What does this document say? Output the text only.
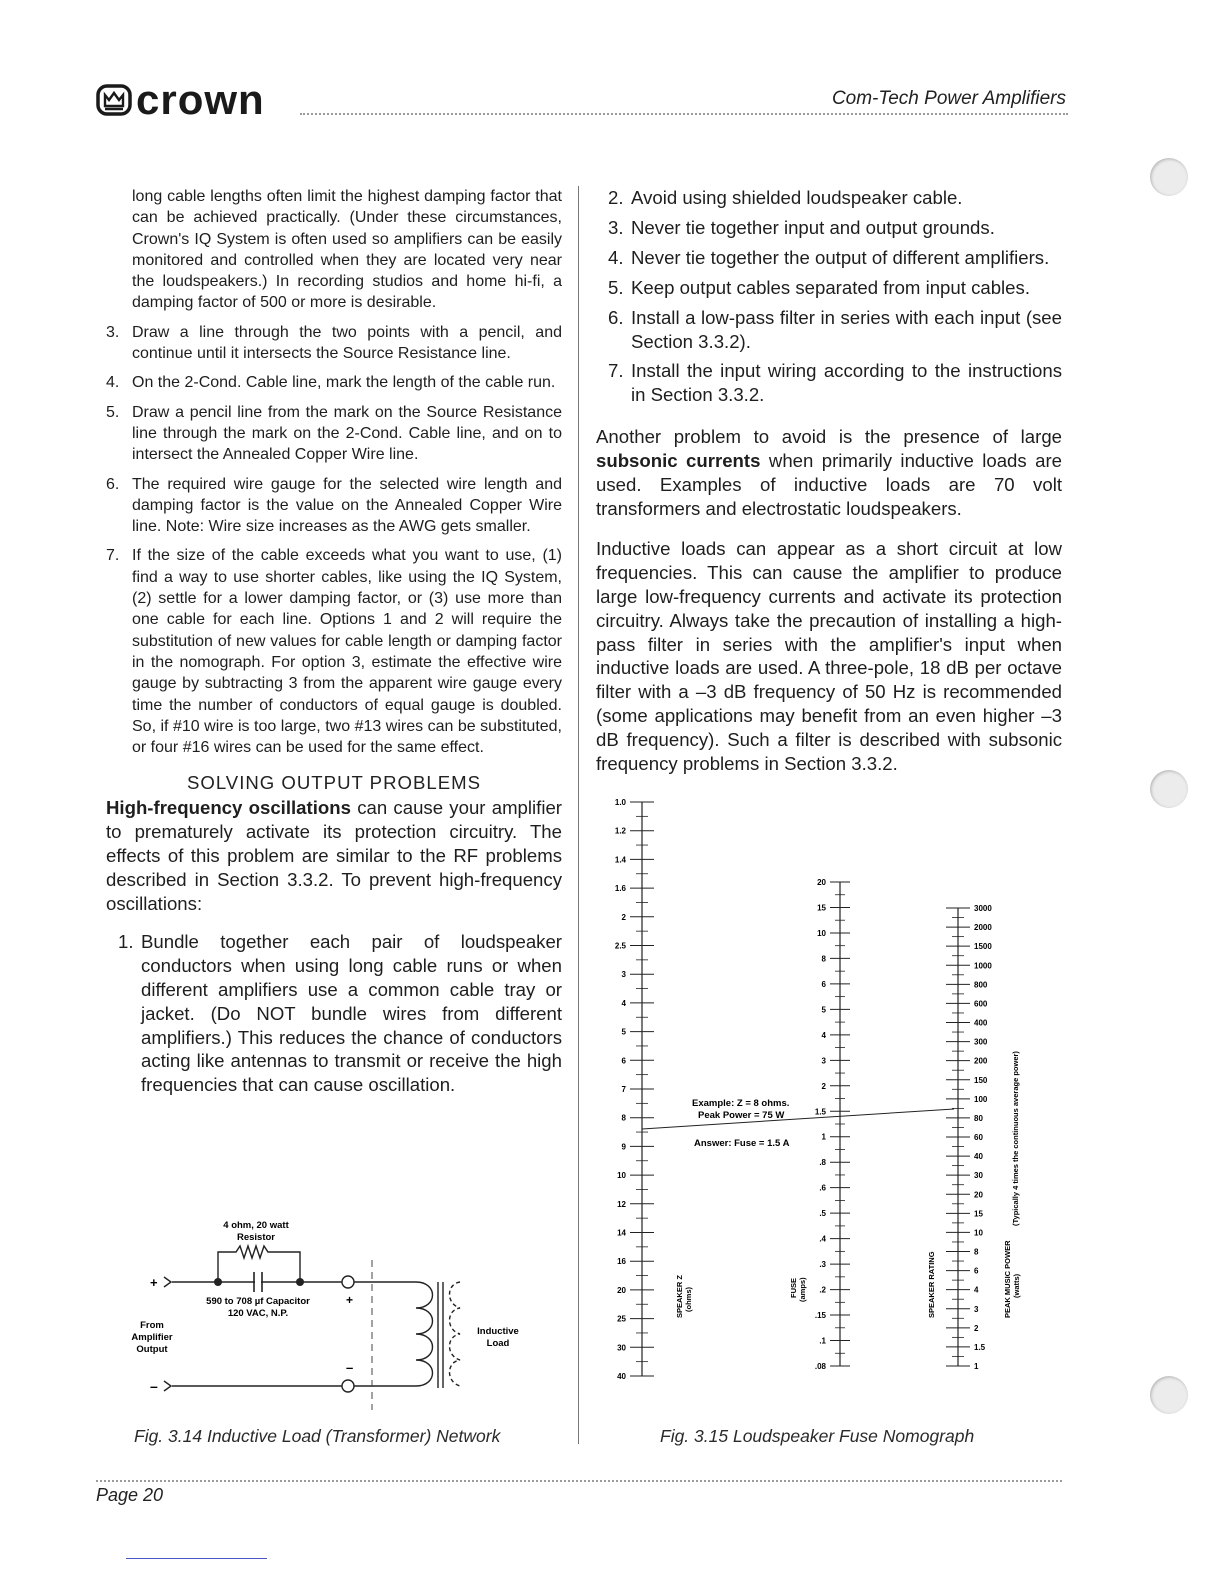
crown	Com-Tech Power Amplifiers

long cable lengths often limit the highest damping factor that can be achieved practically. (Under these circumstances, Crown's IQ System is often used so amplifiers can be easily monitored and controlled when they are located very near the loudspeakers.) In recording studios and home hi-fi, a damping factor of 500 or more is desirable.

3. Draw a line through the two points with a pencil, and continue until it intersects the Source Resistance line.
4. On the 2-Cond. Cable line, mark the length of the cable run.
5. Draw a pencil line from the mark on the Source Resistance line through the mark on the 2-Cond. Cable line, and on to intersect the Annealed Copper Wire line.
6. The required wire gauge for the selected wire length and damping factor is the value on the Annealed Copper Wire line. Note: Wire size increases as the AWG gets smaller.
7. If the size of the cable exceeds what you want to use, (1) find a way to use shorter cables, like using the IQ System, (2) settle for a lower damping factor, or (3) use more than one cable for each line. Options 1 and 2 will require the substitution of new values for cable length or damping factor in the nomograph. For option 3, estimate the effective wire gauge by subtracting 3 from the apparent wire gauge every time the number of conductors of equal gauge is doubled. So, if #10 wire is too large, two #13 wires can be substituted, or four #16 wires can be used for the same effect.
SOLVING OUTPUT PROBLEMS

High-frequency oscillations can cause your amplifier to prematurely activate its protection circuitry. The effects of this problem are similar to the RF problems described in Section 3.3.2. To prevent high-frequency oscillations:

1. Bundle together each pair of loudspeaker conductors when using long cable runs or when different amplifiers use a common cable tray or jacket. (Do NOT bundle wires from different amplifiers.) This reduces the chance of conductors acting like antennas to transmit or receive the high frequencies that can cause oscillation.
2. Avoid using shielded loudspeaker cable.
3. Never tie together input and output grounds.
4. Never tie together the output of different amplifiers.
5. Keep output cables separated from input cables.
6. Install a low-pass filter in series with each input (see Section 3.3.2).
7. Install the input wiring according to the instructions in Section 3.3.2.

Another problem to avoid is the presence of large subsonic currents when primarily inductive loads are used. Examples of inductive loads are 70 volt transformers and electrostatic loudspeakers.

Inductive loads can appear as a short circuit at low frequencies. This can cause the amplifier to produce large low-frequency currents and activate its protection circuitry. Always take the precaution of installing a high-pass filter in series with the amplifier's input when inductive loads are used. A three-pole, 18 dB per octave filter with a –3 dB frequency of 50 Hz is recommended (some applications may benefit from an even higher –3 dB frequency). Such a filter is described with subsonic frequency problems in Section 3.3.2.

4 ohm, 20 watt
Resistor
+
590 to 708 µf Capacitor
120 VAC, N.P.
+
–
–
From
Amplifier
Output
Inductive
Load
Fig. 3.14 Inductive Load (Transformer) Network
1.0
1.2
1.4
1.6
2
2.5
3
4
5
6
7
8
9
10
12
14
16
20
25
30
40
20
15
10
8
6
5
4
3
2
1.5
1
.8
.6
.5
.4
.3
.2
.15
.1
.08
3000
2000
1500
1000
800
600
400
300
200
150
100
80
60
40
30
20
15
10
8
6
4
3
2
1.5
1
Example: Z = 8 ohms.
Peak Power = 75 W
Answer: Fuse = 1.5 A
SPEAKER Z (ohms)	FUSE (amps)	SPEAKER RATING	PEAK MUSIC POWER (watts)
(Typically 4 times the continuous average power)
Fig. 3.15 Loudspeaker Fuse Nomograph
Page 20
